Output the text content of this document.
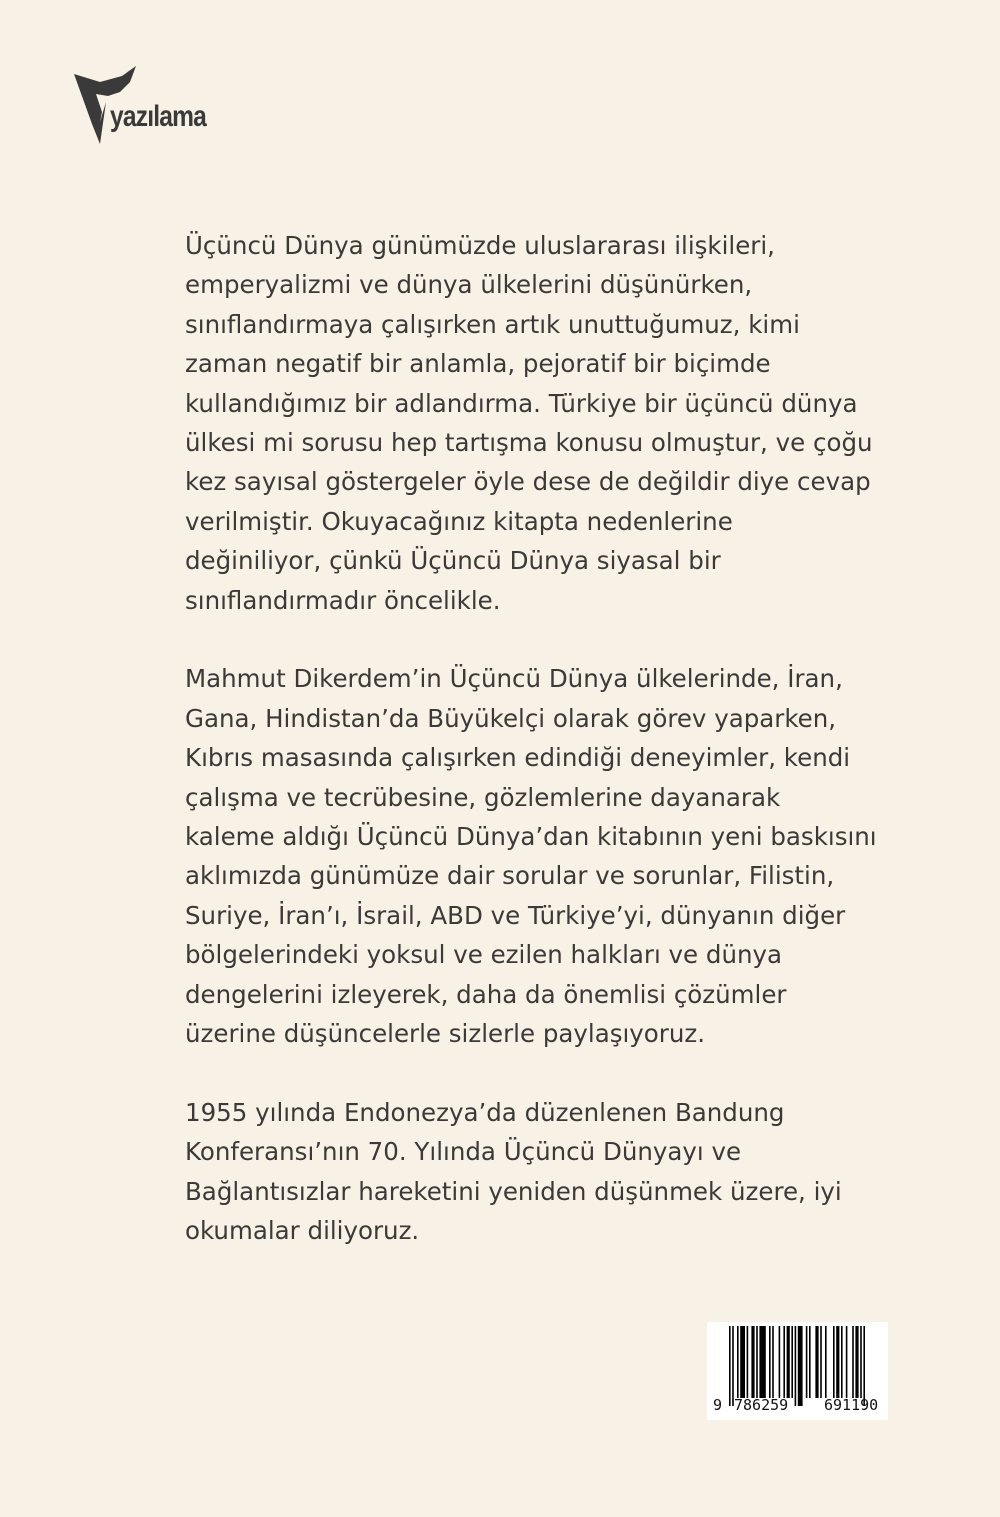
yazılama
Üçüncü Dünya günümüzde uluslararası ilişkileri,
emperyalizmi ve dünya ülkelerini düşünürken,
sınıflandırmaya çalışırken artık unuttuğumuz, kimi
zaman negatif bir anlamla, pejoratif bir biçimde
kullandığımız bir adlandırma. Türkiye bir üçüncü dünya
ülkesi mi sorusu hep tartışma konusu olmuştur, ve çoğu
kez sayısal göstergeler öyle dese de değildir diye cevap
verilmiştir. Okuyacağınız kitapta nedenlerine
değiniliyor, çünkü Üçüncü Dünya siyasal bir
sınıflandırmadır öncelikle.
Mahmut Dikerdem’in Üçüncü Dünya ülkelerinde, İran,
Gana, Hindistan’da Büyükelçi olarak görev yaparken,
Kıbrıs masasında çalışırken edindiği deneyimler, kendi
çalışma ve tecrübesine, gözlemlerine dayanarak
kaleme aldığı Üçüncü Dünya’dan kitabının yeni baskısını
aklımızda günümüze dair sorular ve sorunlar, Filistin,
Suriye, İran’ı, İsrail, ABD ve Türkiye’yi, dünyanın diğer
bölgelerindeki yoksul ve ezilen halkları ve dünya
dengelerini izleyerek, daha da önemlisi çözümler
üzerine düşüncelerle sizlerle paylaşıyoruz.
1955 yılında Endonezya’da düzenlenen Bandung
Konferansı’nın 70. Yılında Üçüncü Dünyayı ve
Bağlantısızlar hareketini yeniden düşünmek üzere, iyi
okumalar diliyoruz.
9 786259 691190
